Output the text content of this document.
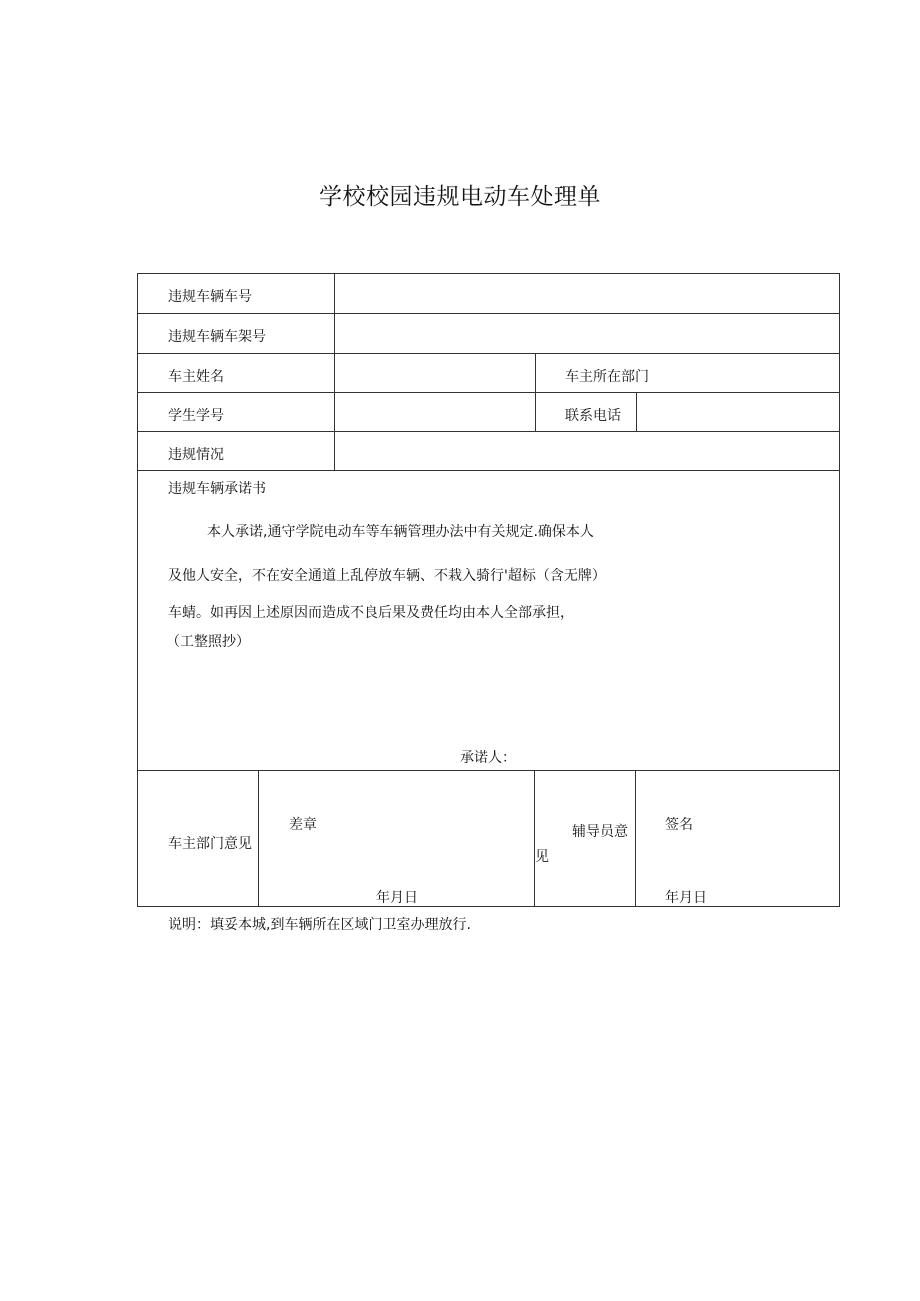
学校校园违规电动车处理单
违规车辆车号
违规车辆车架号
车主姓名	车主所在部门
学生学号	联系电话
违规情况
违规车辆承诺书
本人承诺,通守学院电动车等车辆管理办法中有关规定.确保本人
及他人安全，不在安全通道上乱停放车辆、不栽入骑行'超标（含无牌）
车蜻。如再因上述原因而造成不良后果及费任均由本人全部承担，
（工整照抄）
承诺人：
车主部门意见
差章
年月日
辅导员意
见
签名
年月日
说明：填妥本城,到车辆所在区域门卫室办理放行.
